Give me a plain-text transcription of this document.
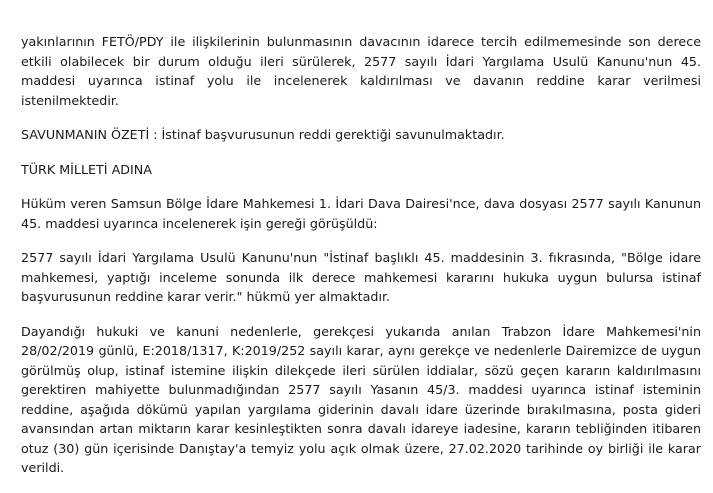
yakınlarının FETÖ/PDY ile ilişkilerinin bulunmasının davacının idarece tercih edilmemesinde son derece etkili olabilecek bir durum olduğu ileri sürülerek, 2577 sayılı İdari Yargılama Usulü Kanunu'nun 45. maddesi uyarınca istinaf yolu ile incelenerek kaldırılması ve davanın reddine karar verilmesi istenilmektedir.

SAVUNMANIN ÖZETİ : İstinaf başvurusunun reddi gerektiği savunulmaktadır.

TÜRK MİLLETİ ADINA

Hüküm veren Samsun Bölge İdare Mahkemesi 1. İdari Dava Dairesi'nce, dava dosyası 2577 sayılı Kanunun 45. maddesi uyarınca incelenerek işin gereği görüşüldü:

2577 sayılı İdari Yargılama Usulü Kanunu'nun "İstinaf başlıklı 45. maddesinin 3. fıkrasında, "Bölge idare mahkemesi, yaptığı inceleme sonunda ilk derece mahkemesi kararını hukuka uygun bulursa istinaf başvurusunun reddine karar verir." hükmü yer almaktadır.

Dayandığı hukuki ve kanuni nedenlerle, gerekçesi yukarıda anılan Trabzon İdare Mahkemesi'nin 28/02/2019 günlü, E:2018/1317, K:2019/252 sayılı karar, aynı gerekçe ve nedenlerle Dairemizce de uygun görülmüş olup, istinaf istemine ilişkin dilekçede ileri sürülen iddialar, sözü geçen kararın kaldırılmasını gerektiren mahiyette bulunmadığından 2577 sayılı Yasanın 45/3. maddesi uyarınca istinaf isteminin reddine, aşağıda dökümü yapılan yargılama giderinin davalı idare üzerinde bırakılmasına, posta gideri avansından artan miktarın karar kesinleştikten sonra davalı idareye iadesine, kararın tebliğinden itibaren otuz (30) gün içerisinde Danıştay'a temyiz yolu açık olmak üzere, 27.02.2020 tarihinde oy birliği ile karar verildi.
